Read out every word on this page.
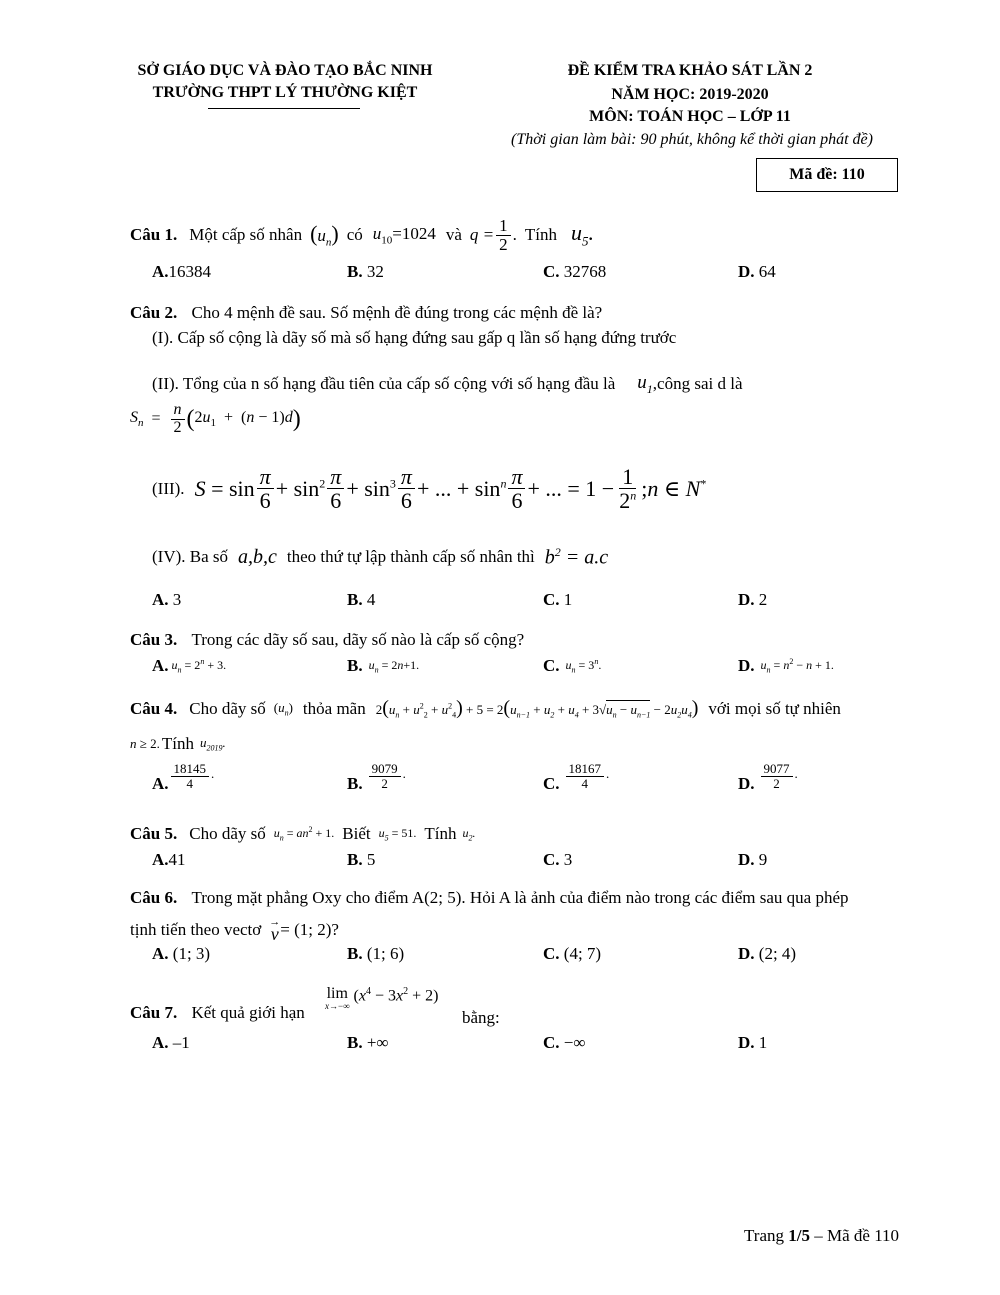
SỞ GIÁO DỤC VÀ ĐÀO TẠO BẮC NINH
TRƯỜNG THPT LÝ THƯỜNG KIỆT
ĐỀ KIỂM TRA KHẢO SÁT LẦN 2
NĂM HỌC: 2019-2020
MÔN: TOÁN HỌC – LỚP 11
(Thời gian làm bài: 90 phút, không kể thời gian phát đề)
Mã đề: 110
Câu 1. Một cấp số nhân $(u_n)$ có $u_{10}=1024$ và $q = \frac{1}{2}$ . Tính $u_5$.
A.16384	B. 32	C. 32768	D. 64
Câu 2. Cho 4 mệnh đề sau. Số mệnh đề đúng trong các mệnh đề là?
(I). Cấp số cộng là dãy số mà số hạng đứng sau gấp q lần số hạng đứng trước
(II). Tổng của n số hạng đầu tiên của cấp số cộng với số hạng đầu là $u_1$ ,công sai d là
$S_n = \frac{n}{2}$ ( $2u_1 + (n - 1)d$ )
(III). $S = \sin \frac{\pi}{6} + \sin^2 \frac{\pi}{6} + \sin^3 \frac{\pi}{6}$ + ... + $\sin^n \frac{\pi}{6}$ + ... = $1 - \frac{1}{2^n}$ ;n ∈ N*
(IV). Ba số a,b,c theo thứ tự lập thành cấp số nhân thì $b^2 = a.c$
A. 3	B. 4	C. 1	D. 2
Câu 3. Trong các dãy số sau, dãy số nào là cấp số cộng?
A. $u_n = 2^n + 3$.	B. $u_n = 2n+1$.	C. $u_n = 3^n$.	D. $u_n = n^2 - n + 1$.
Câu 4. Cho dãy số $(u_n)$ thỏa mãn $2(u_n + u^2_2 + u^2_4) + 5 = 2(u_{n-1} + u_2 + u_4 + 3√u_n - u_{n-1} - 2u_2u_4)$ với mọi số tự nhiên
n ≥ 2. Tính $u_{2019}$.
A. $\frac{18145}{4}$ .
B. $\frac{9079}{2}$ .
C. $\frac{18167}{4}$ .
D. $\frac{9077}{2}$ .
Câu 5. Cho dãy số $u_n = an^2 + 1$. Biết $u_5 = 51$. Tính $u_2$.
A.41	B. 5	C. 3	D. 9
Câu 6. Trong mặt phẳng Oxy cho điểm A(2; 5). Hỏi A là ảnh của điểm nào trong các điểm sau qua phép
tịnh tiến theo vectơ →
v = (1; 2)?
A. (1; 3)	B. (1; 6)	C. (4; 7)	D. (2; 4)
Câu 7. Kết quả giới hạn
lim
x→−∞
$(x^4 - 3x^2 + 2)$
bằng:
A. –1	B. +∞	C. −∞	D. 1
Trang 1/5 – Mã đề 110
